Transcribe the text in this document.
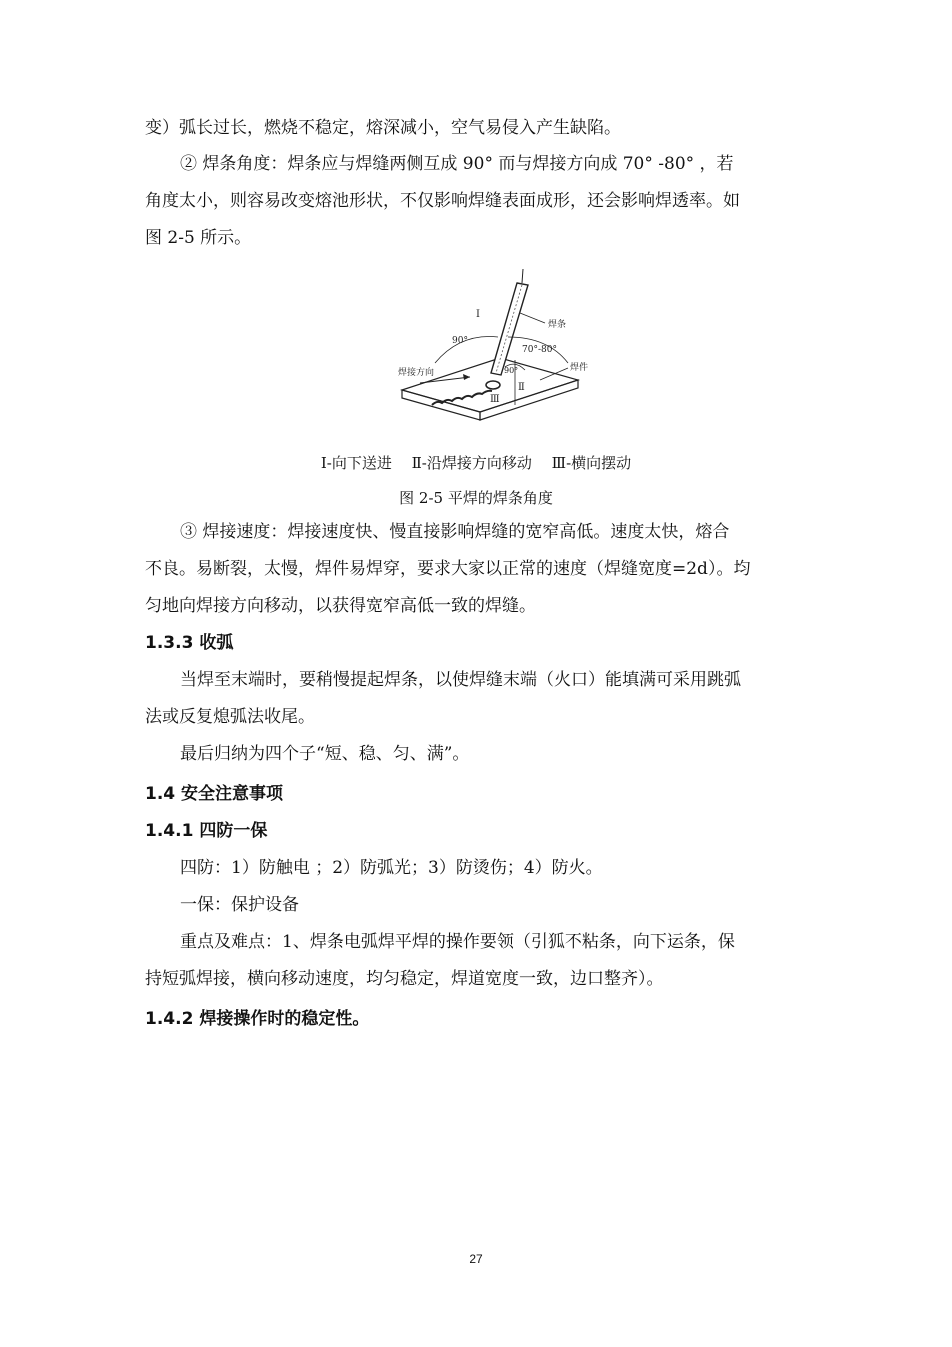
变）弧长过长，燃烧不稳定，熔深减小，空气易侵入产生缺陷。
② 焊条角度：焊条应与焊缝两侧互成 90° 而与焊接方向成 70° -80° ，若
角度太小，则容易改变熔池形状，不仅影响焊缝表面成形，还会影响焊透率。如
图 2-5 所示。
Ⅰ
焊条
90°
70°-80°
焊件
焊接方向	90°
Ⅱ
Ⅲ
Ⅰ-向下送进　 Ⅱ-沿焊接方向移动　 Ⅲ-横向摆动
图 2-5 平焊的焊条角度
③ 焊接速度：焊接速度快、慢直接影响焊缝的宽窄高低。速度太快，熔合
不良。易断裂，太慢，焊件易焊穿，要求大家以正常的速度（焊缝宽度=2d）。均
匀地向焊接方向移动，以获得宽窄高低一致的焊缝。
1.3.3 收弧
当焊至末端时，要稍慢提起焊条，以使焊缝末端（火口）能填满可采用跳弧
法或反复熄弧法收尾。
最后归纳为四个子“短、稳、匀、满”。
1.4 安全注意事项
1.4.1 四防一保
四防：1）防触电 ；2）防弧光；3）防烫伤；4）防火。
一保：保护设备
重点及难点：1、焊条电弧焊平焊的操作要领（引狐不粘条，向下运条，保
持短弧焊接，横向移动速度，均匀稳定，焊道宽度一致，边口整齐）。
1.4.2 焊接操作时的稳定性。
27
